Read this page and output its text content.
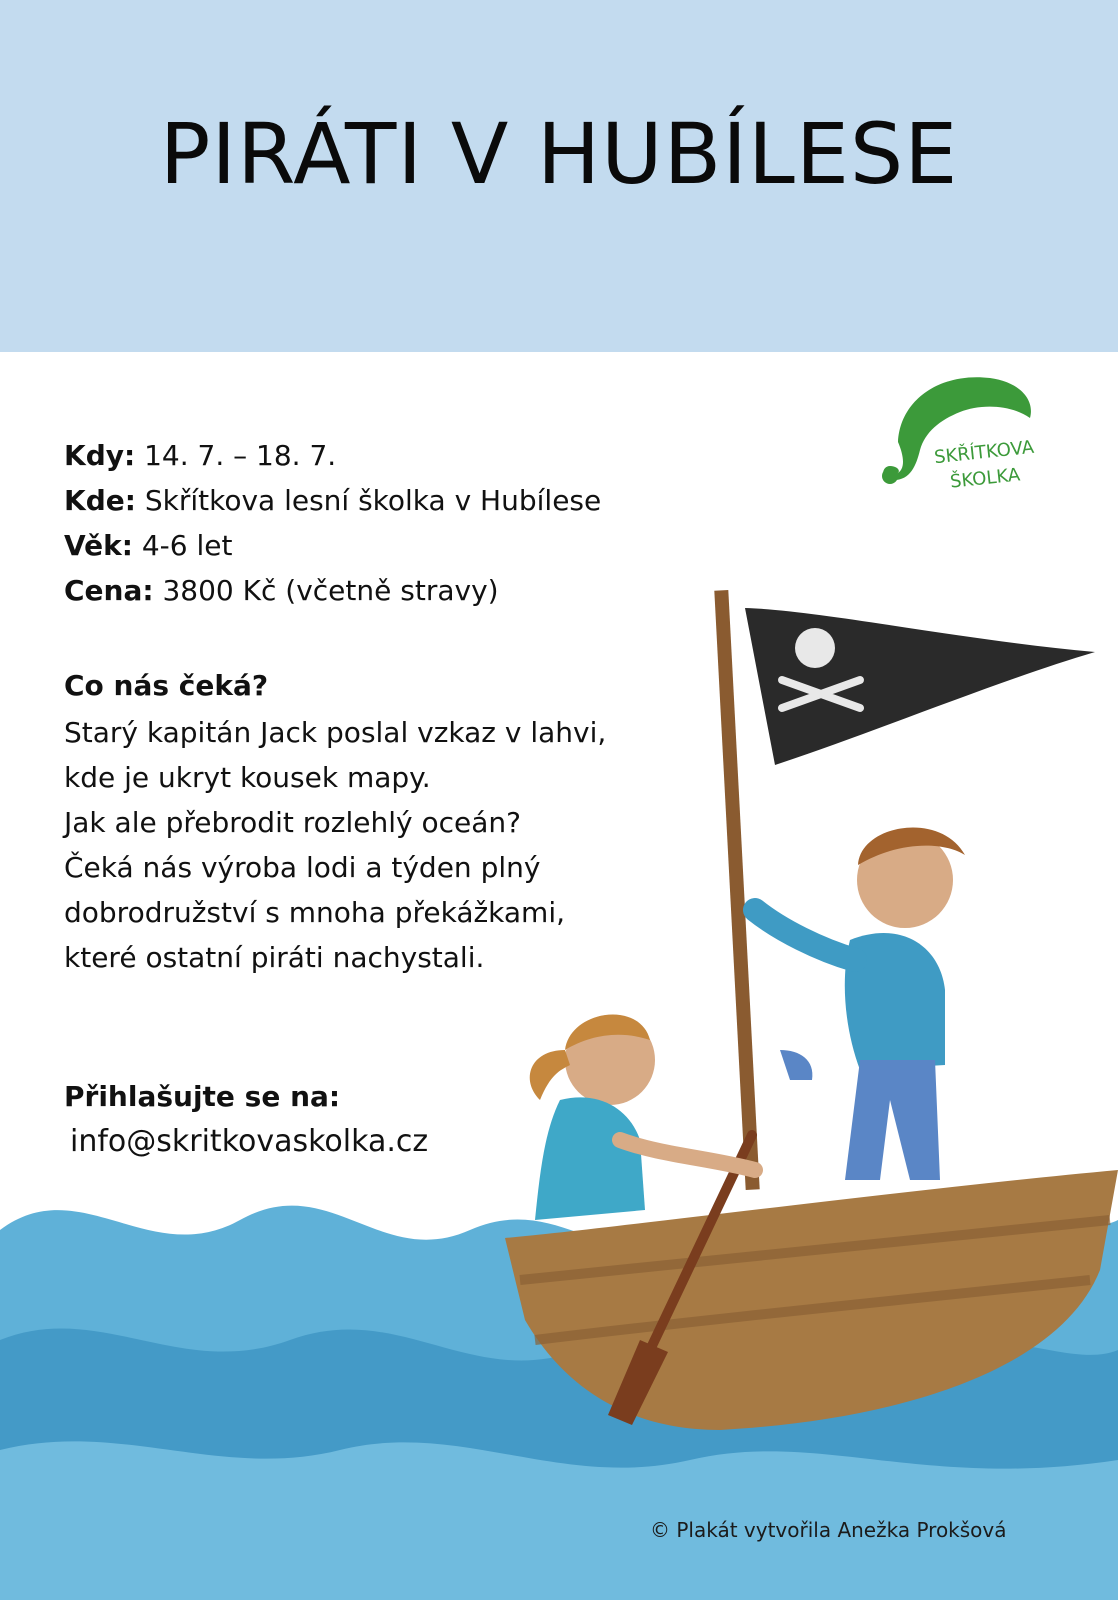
PIRÁTI V HUBÍLESE
Kdy: 14. 7. – 18. 7.
Kde: Skřítkova lesní školka v Hubílese
Věk: 4-6 let
Cena: 3800 Kč (včetně stravy)
Co nás čeká?
Starý kapitán Jack poslal vzkaz v lahvi,
kde je ukryt kousek mapy.
Jak ale přebrodit rozlehlý oceán?
Čeká nás výroba lodi a týden plný
dobrodružství s mnoha překážkami,
které ostatní piráti nachystali.
Přihlašujte se na:
info@skritkovaskolka.cz
SKŘÍTKOVA
ŠKOLKA
© Plakát vytvořila Anežka Prokšová
